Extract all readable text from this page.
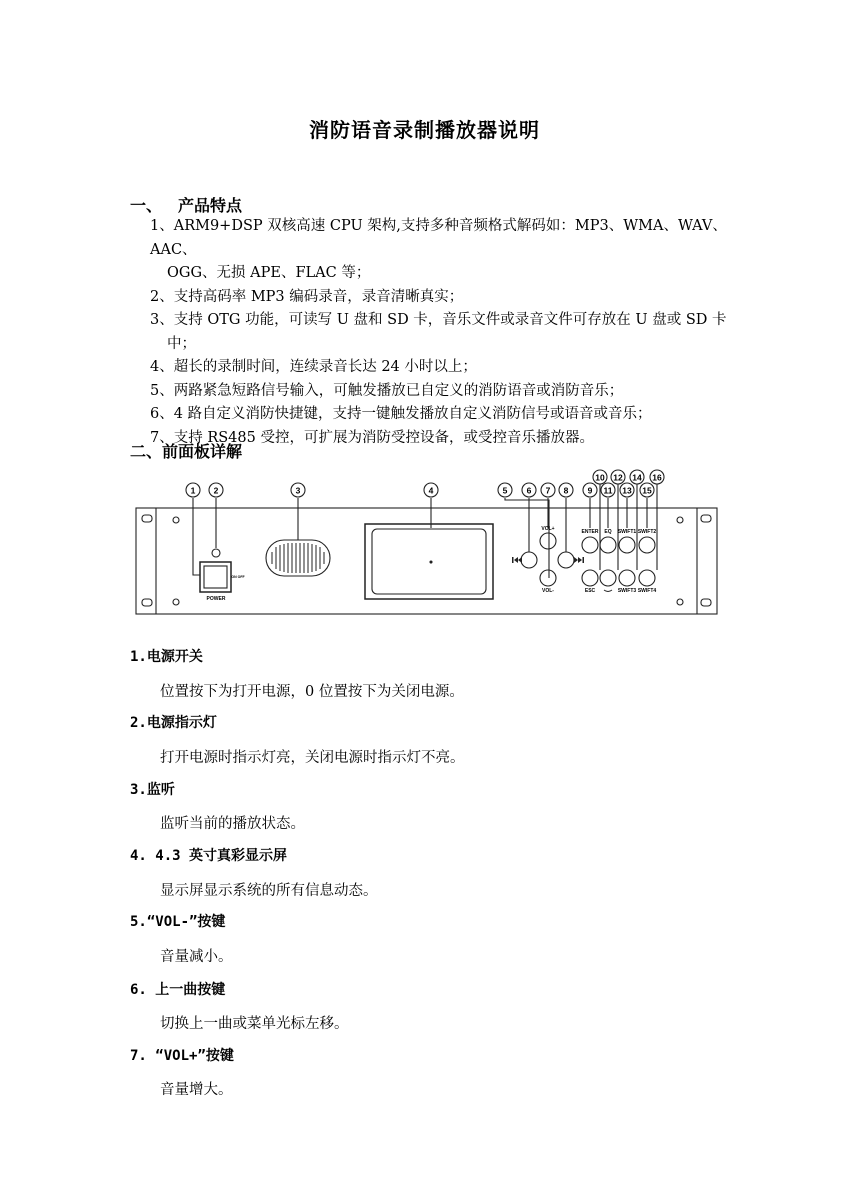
消防语音录制播放器说明
一、 产品特点

1、ARM9+DSP 双核高速 CPU 架构,支持多种音频格式解码如：MP3、WMA、WAV、AAC、

OGG、无损 APE、FLAC 等；

2、支持高码率 MP3 编码录音，录音清晰真实；

3、支持 OTG 功能，可读写 U 盘和 SD 卡，音乐文件或录音文件可存放在 U 盘或 SD 卡

中；

4、超长的录制时间，连续录音长达 24 小时以上；

5、两路紧急短路信号输入，可触发播放已自定义的消防语音或消防音乐；

6、4 路自定义消防快捷键，支持一键触发播放自定义消防信号或语音或音乐；

7、支持 RS485 受控，可扩展为消防受控设备，或受控音乐播放器。

二、前面板详解
1 2	3	4	5 6 7 8 9
10
11
12
13
14
15
16
POWER
ON OFF
VOL+
VOL-
ENTER EQ SWIFT1 SWIFT2
ESC	SWIFT3 SWIFT4
1.电源开关
位置按下为打开电源，0 位置按下为关闭电源。
2.电源指示灯
打开电源时指示灯亮，关闭电源时指示灯不亮。
3.监听
监听当前的播放状态。
4. 4.3 英寸真彩显示屏
显示屏显示系统的所有信息动态。
5.“VOL-”按键
音量减小。
6. 上一曲按键
切换上一曲或菜单光标左移。
7. “VOL+”按键
音量增大。
